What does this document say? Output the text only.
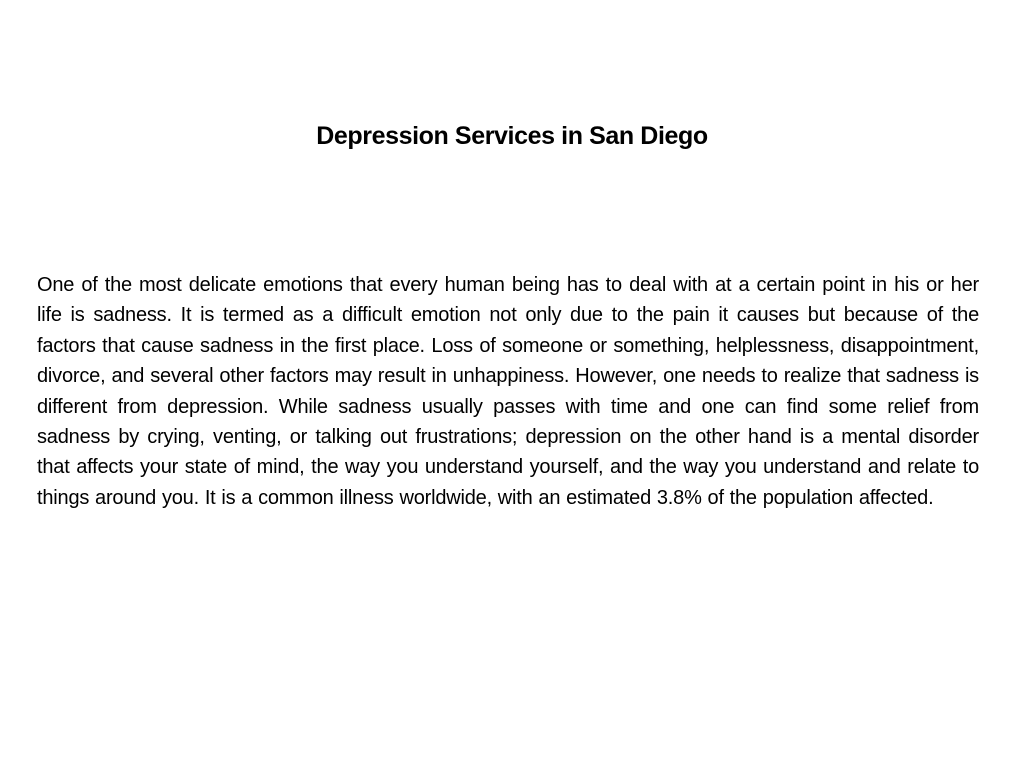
Depression Services in San Diego

One of the most delicate emotions that every human being has to deal with at a certain point in his or her life is sadness. It is termed as a difficult emotion not only due to the pain it causes but because of the factors that cause sadness in the first place. Loss of someone or something, helplessness, disappointment, divorce, and several other factors may result in unhappiness. However, one needs to realize that sadness is different from depression. While sadness usually passes with time and one can find some relief from sadness by crying, venting, or talking out frustrations; depression on the other hand is a mental disorder that affects your state of mind, the way you understand yourself, and the way you understand and relate to things around you. It is a common illness worldwide, with an estimated 3.8% of the population affected.
